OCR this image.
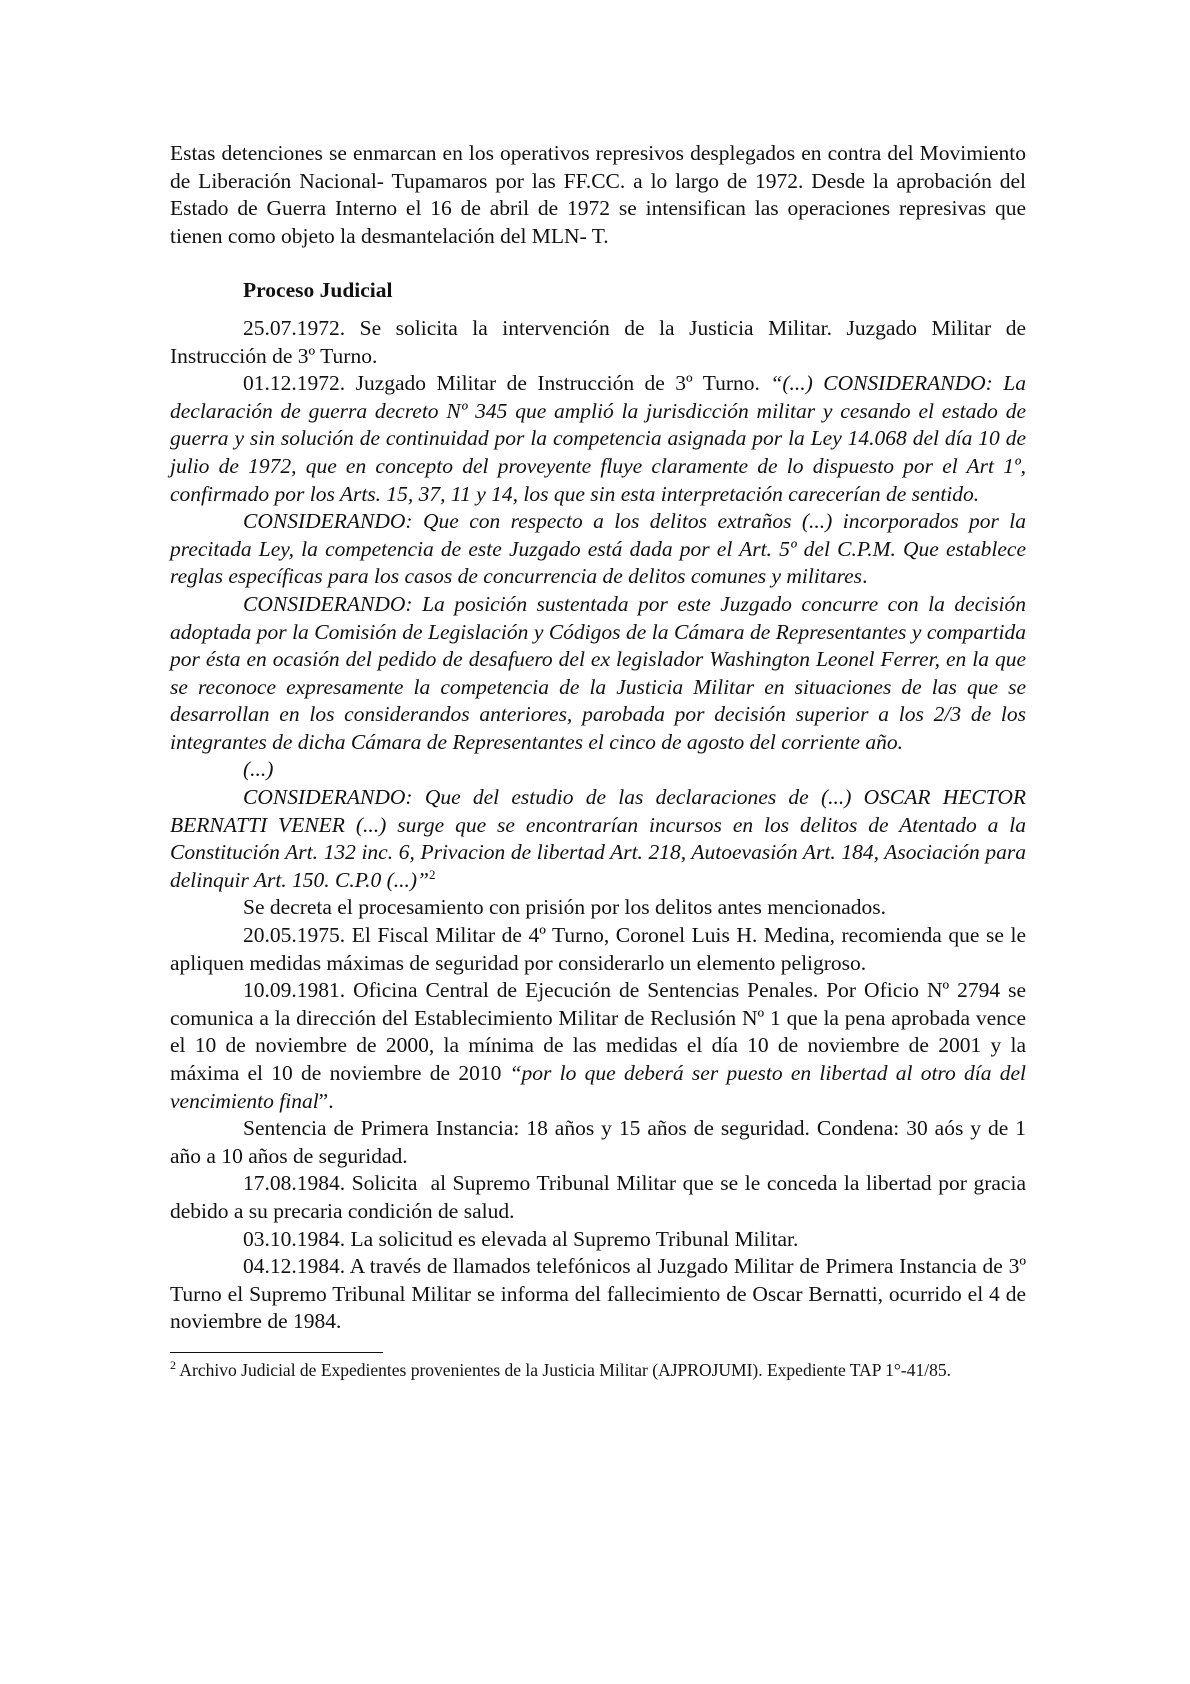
Estas detenciones se enmarcan en los operativos represivos desplegados en contra del Movimiento de Liberación Nacional- Tupamaros por las FF.CC. a lo largo de 1972. Desde la aprobación del Estado de Guerra Interno el 16 de abril de 1972 se intensifican las operaciones represivas que tienen como objeto la desmantelación del MLN- T.

Proceso Judicial

25.07.1972. Se solicita la intervención de la Justicia Militar. Juzgado Militar de Instrucción de 3º Turno.

01.12.1972. Juzgado Militar de Instrucción de 3º Turno. “(...) CONSIDERANDO: La declaración de guerra decreto Nº 345 que amplió la jurisdicción militar y cesando el estado de guerra y sin solución de continuidad por la competencia asignada por la Ley 14.068 del día 10 de julio de 1972, que en concepto del proveyente fluye claramente de lo dispuesto por el Art 1º, confirmado por los Arts. 15, 37, 11 y 14, los que sin esta interpretación carecerían de sentido.

CONSIDERANDO: Que con respecto a los delitos extraños (...) incorporados por la precitada Ley, la competencia de este Juzgado está dada por el Art. 5º del C.P.M. Que establece reglas específicas para los casos de concurrencia de delitos comunes y militares.

CONSIDERANDO: La posición sustentada por este Juzgado concurre con la decisión adoptada por la Comisión de Legislación y Códigos de la Cámara de Representantes y compartida por ésta en ocasión del pedido de desafuero del ex legislador Washington Leonel Ferrer, en la que se reconoce expresamente la competencia de la Justicia Militar en situaciones de las que se desarrollan en los considerandos anteriores, parobada por decisión superior a los 2/3 de los integrantes de dicha Cámara de Representantes el cinco de agosto del corriente año.

(...)

CONSIDERANDO: Que del estudio de las declaraciones de (...) OSCAR HECTOR BERNATTI VENER (...) surge que se encontrarían incursos en los delitos de Atentado a la Constitución Art. 132 inc. 6, Privacion de libertad Art. 218, Autoevasión Art. 184, Asociación para delinquir Art. 150. C.P.0 (...)”$^2$

Se decreta el procesamiento con prisión por los delitos antes mencionados.

20.05.1975. El Fiscal Militar de 4º Turno, Coronel Luis H. Medina, recomienda que se le apliquen medidas máximas de seguridad por considerarlo un elemento peligroso.

10.09.1981. Oficina Central de Ejecución de Sentencias Penales. Por Oficio Nº 2794 se comunica a la dirección del Establecimiento Militar de Reclusión Nº 1 que la pena aprobada vence el 10 de noviembre de 2000, la mínima de las medidas el día 10 de noviembre de 2001 y la máxima el 10 de noviembre de 2010 “por lo que deberá ser puesto en libertad al otro día del vencimiento final”.

Sentencia de Primera Instancia: 18 años y 15 años de seguridad. Condena: 30 aós y de 1 año a 10 años de seguridad.

17.08.1984. Solicita  al Supremo Tribunal Militar que se le conceda la libertad por gracia debido a su precaria condición de salud.

03.10.1984. La solicitud es elevada al Supremo Tribunal Militar.

04.12.1984. A través de llamados telefónicos al Juzgado Militar de Primera Instancia de 3º Turno el Supremo Tribunal Militar se informa del fallecimiento de Oscar Bernatti, ocurrido el 4 de noviembre de 1984.

$^2$ Archivo Judicial de Expedientes provenientes de la Justicia Militar (AJPROJUMI). Expediente TAP 1°-41/85.
